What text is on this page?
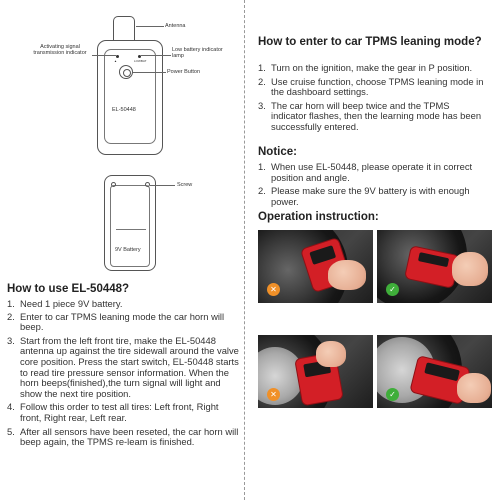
▲	LOWBAT
EL-50448
Antenna
Activating signal transmission indicator
Low battery indicator lamp
Power Button
9V Battery
Screw
How to use EL-50448?
1. Need 1 piece 9V battery.
2. Enter to car TPMS leaning mode the car horn will beep.
3. Start from the left front tire, make the EL-50448 antenna up against the tire sidewall around the valve core position. Press the start switch, EL-50448 starts to read tire pressure sensor information. When the horn beeps(finished),the turn signal will light and show the next tire position.
4. Follow this order to test all tires: Left front, Right front, Right rear, Left rear.
5. After all sensors have been reseted, the car horn will beep again, the TPMS re-leam is finished.
How to enter to car TPMS leaning mode?
1. Turn on the ignition, make the gear in P position.
2. Use cruise function, choose TPMS leaning mode in the dashboard settings.
3. The car horn will beep twice and the TPMS indicator flashes, then the learning mode has been successfully entered.
Notice:
1. When use EL-50448, please operate it in correct position and angle.
2. Please make sure the 9V battery is with enough power.
Operation instruction:
✕	✓
✕	✓
